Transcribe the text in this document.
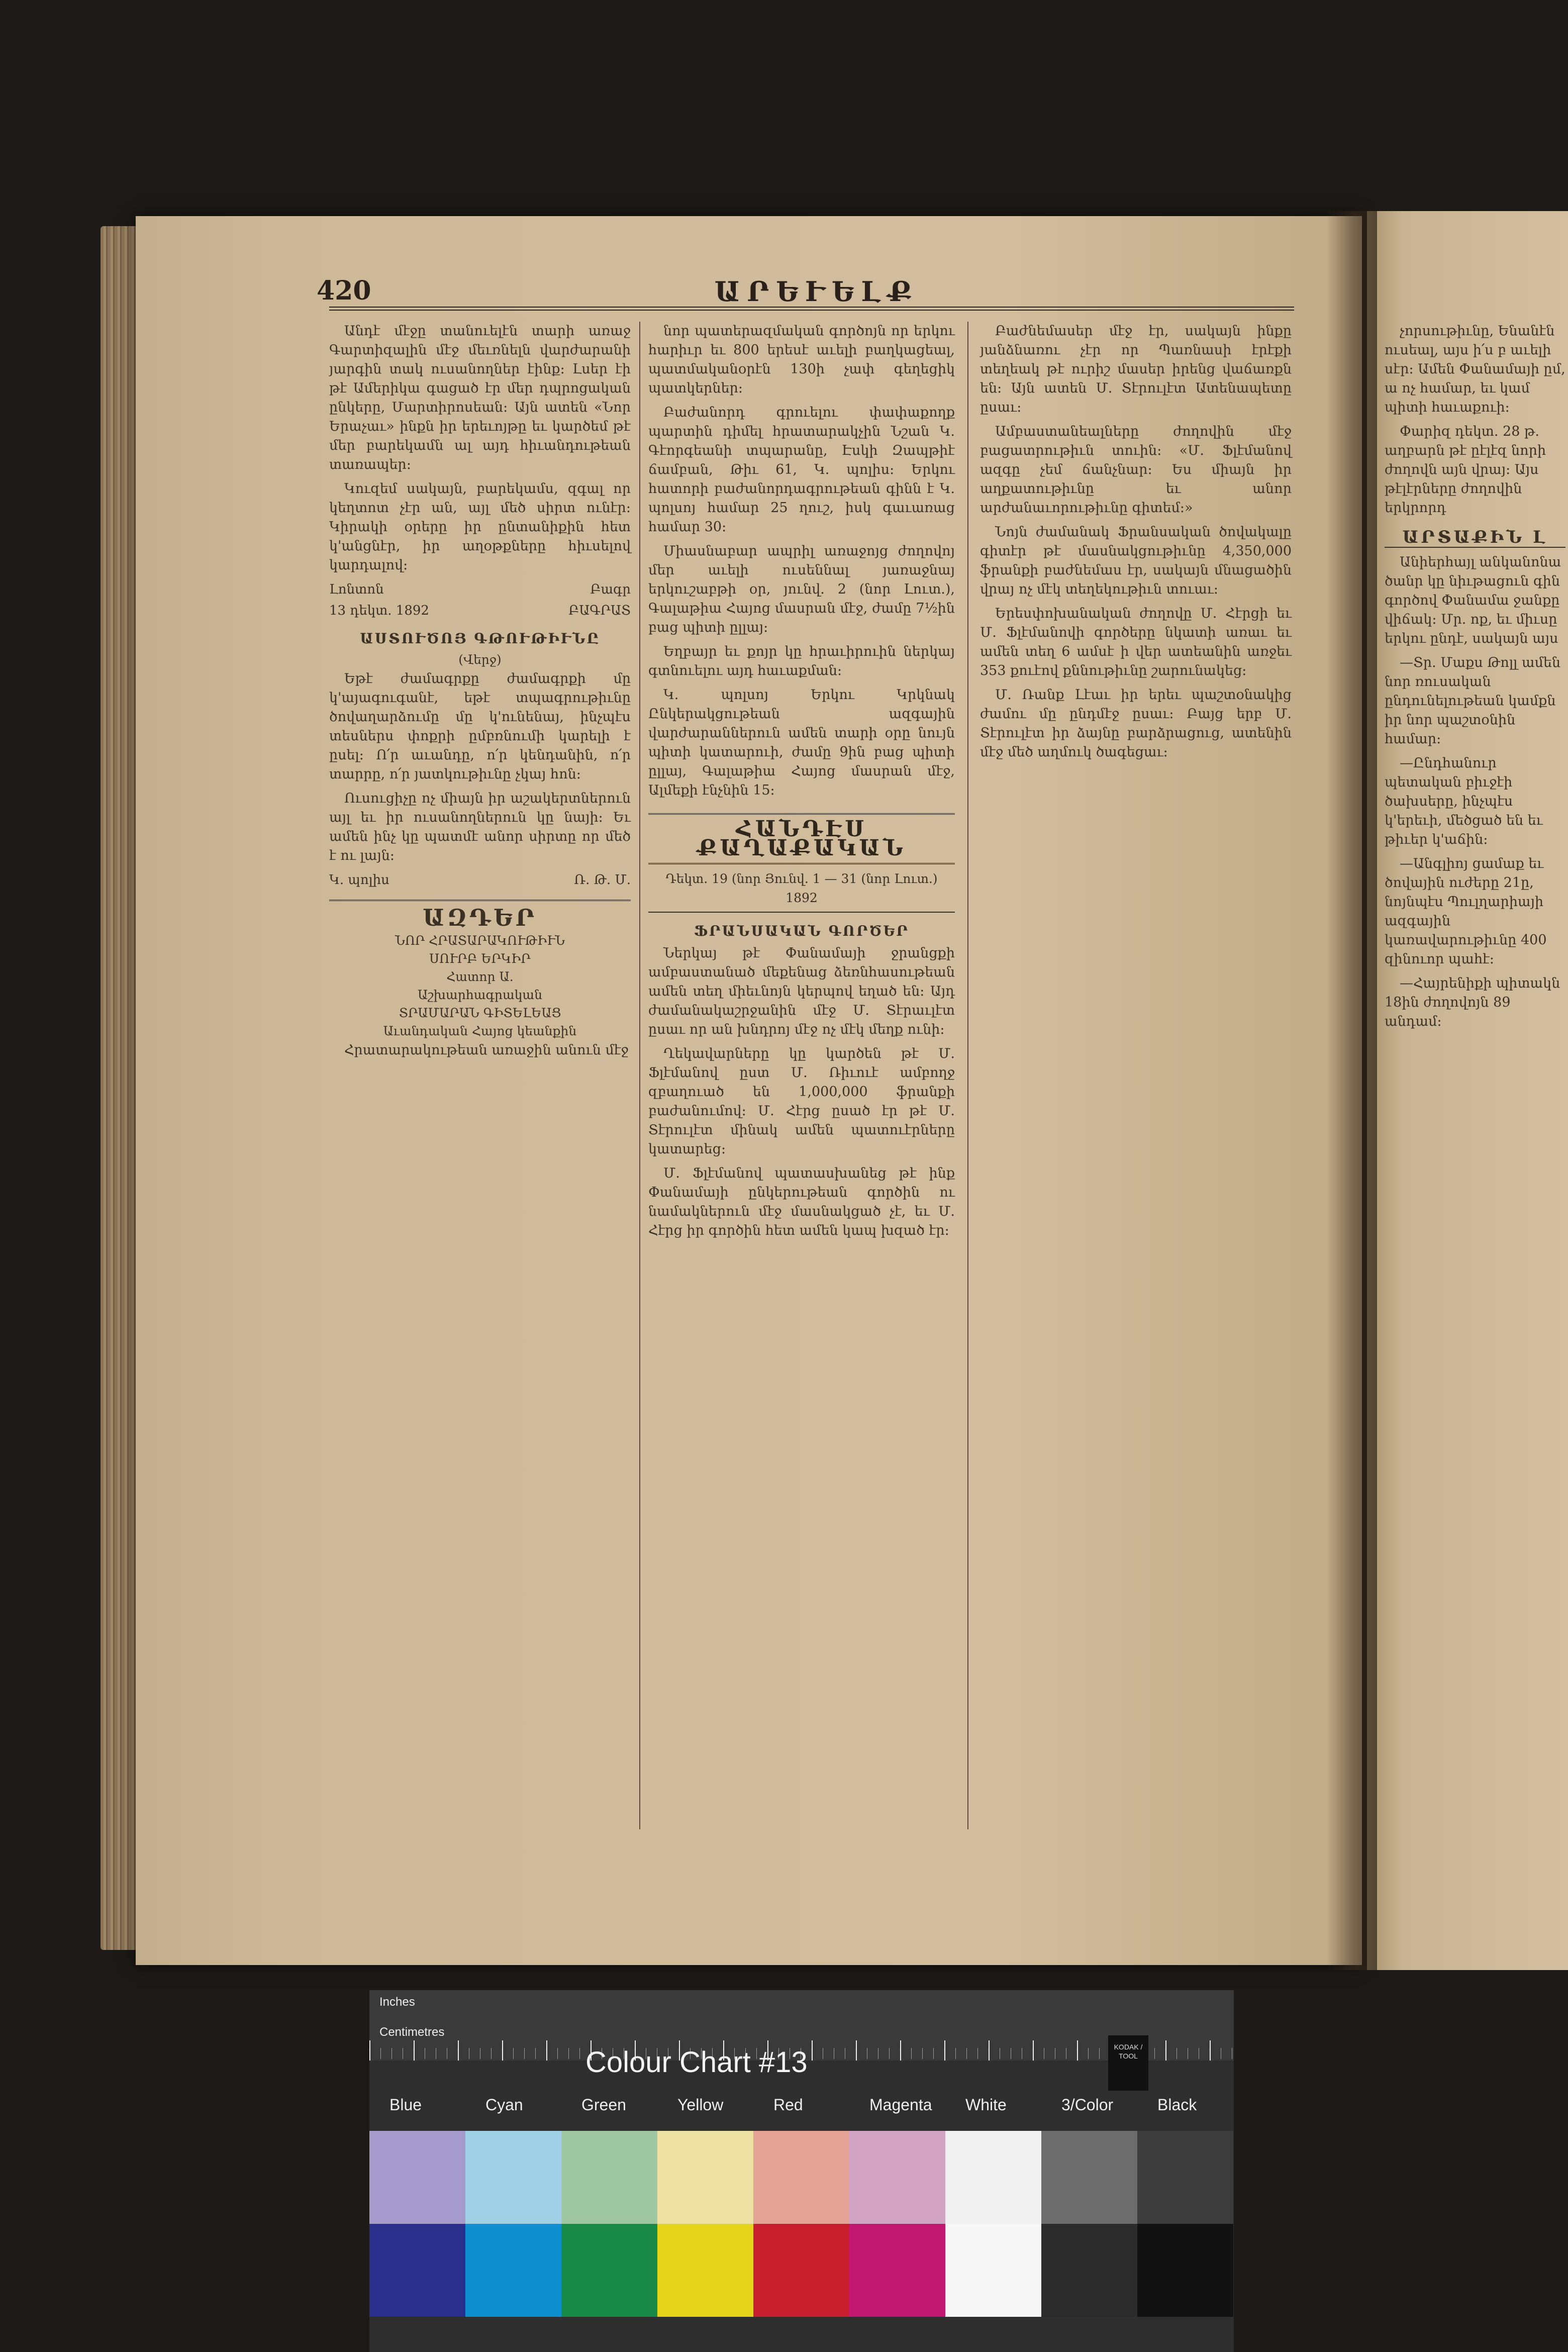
420	ԱՐԵՒԵԼՔ

Անդէ մէջը տանուելէն տարի առաջ Գարտիզալին մէջ մեւռնելն վարժարանի յարգին տակ ուսանողներ էինք։ Լսեր էի թէ Ամերիկա գացած էր մեր դպրոցական ընկերը, Մարտիրոսեան։ Այն ատեն «Նոր Երաչաւ» ինքն իր երեւոյթը եւ կարծեմ թէ մեր բարեկամն ալ այդ հիւանդութեան տառապեր։

Կուզեմ սակայն, բարեկամս, զգալ որ կեղտոտ չէր ան, այլ մեծ սիրտ ունէր։ Կիրակի օրերը իր ընտանիքին հետ կ'անցնէր, իր աղօթքները հիւսելով կարդալով։

Լոնտոն	Բագր
13 դեկտ. 1892	ԲԱԳՐԱՏ
ԱՍՏՈՒԾՈՅ ԳԹՈՒԹԻՒՆԸ
(Վերջ)

Եթէ ժամագրքը ժամագրքի մը կ'այագուգանէ, եթէ տպագրութիւնը ծովաղարձումը մը կ'ունենայ, ինչպէս տեսներս փոքրի ըմբռնումի կարելի է ըսել։ Ո՛ր աւանդը, ո՛ր կենդանին, ո՛ր տարրը, ո՛ր յատկութիւնը չկայ հոն։

Ուսուցիչը ոչ միայն իր աշակերտներուն այլ եւ իր ուսանողներուն կը նայի։ Եւ ամեն ինչ կը պատմէ անոր սիրտը որ մեծ է ու լայն։

Կ. պոլիս	Ռ. Թ. Մ.
ԱԶԴԵՐ
ՆՈՐ ՀՐԱՏԱՐԱԿՈՒԹԻՒՆ
ՍՈՒՐԲ ԵՐԿԻՐ
Հատոր Ա.
Աշխարհագրական
ՏՐԱՄԱՐԱՆ ԳԻՏԵԼԵԱՑ
Աւանդական Հայոց կեանքին

Հրատարակութեան առաջին անուն մէջ

նոր պատերազմական գործոյն որ երկու հարիւր եւ 800 երեսէ աւելի բաղկացեալ, պատմականօրէն 130ի չափ գեղեցիկ պատկերներ։

Բաժանորդ գրուելու փափաքողք պարտին դիմել հրատարակչին Նշան Կ. Գէորգեանի տպարանը, Էսկի Զապթիէ ճամբան, Թիւ 61, Կ. պոլիս։ Երկու հատորի բաժանորդագրութեան գինն է Կ. պոլսոյ համար 25 ղուշ, իսկ գաւառաց համար 30։

Միասնաբար ապրիլ առաջոյց ժողովոյ մեր աւելի ուսեննալ յառաջնայ երկուշաբթի օր, յունվ. 2 (նոր Լուտ.), Գալաթիա Հայոց մասրան մէջ, ժամը 7½ին բաց պիտի ըլլայ։

Եղբայր եւ քոյր կը հրաւիրուին ներկայ գտնուելու այդ հաւաքման։

Կ. պոլսոյ Երկու Կրկնակ Ընկերակցութեան ազգային վարժարաններուն ամեն տարի օրը նույն պիտի կատարուի, ժամը 9ին բաց պիտի ըլլայ, Գալաթիա Հայոց մասրան մէջ, Ալմեքի էնչնին 15։

ՀԱՆԴԷՍ ՔԱՂԱՔԱԿԱՆ
Դեկտ. 19 (նոր Յունվ. 1 — 31 (նոր Լուտ.) 1892
ՖՐԱՆՍԱԿԱՆ ԳՈՐԾԵՐ

Ներկայ թէ Փանամայի ջրանցքի ամբաստանած մեքենաց ձեռնհասութեան ամեն տեղ միեւնոյն կերպով եղած են։ Այդ ժամանակաշրջանին մէջ Մ. Տէրաւլէտ ըսաւ որ ան խնդրոյ մէջ ոչ մէկ մեղք ունի։

Ղեկավարները կը կարծեն թէ Մ. Ֆլէմանով ըստ Մ. Ռիւուէ ամբողջ զբաղուած են 1,000,000 ֆրանքի բաժանումով։ Մ. Հէրց ըսած էր թէ Մ. Տէրուլէտ մինակ ամեն պատուէրները կատարեց։

Մ. Ֆլէմանով պատասխանեց թէ ինք Փանամայի ընկերութեան գործին ու նամակներուն մէջ մասնակցած չէ, եւ Մ. Հէրց իր գործին հետ ամեն կապ խզած էր։

Բաժնեմասեր մէջ էր, սակայն ինքը յանձնառու չէր որ Պառնասի էրէքի տեղեակ թէ ուրիշ մասեր իրենց վաճառքն են։ Այն ատեն Մ. Տէրուլէտ Ատենապետը ըսաւ։

Ամբաստանեալները ժողովին մէջ բացատրութիւն տուին։ «Մ. Ֆլէմանով ազգը չեմ ճանչնար։ Ես միայն իր աղքատութիւնը եւ անոր արժանաւորութիւնը գիտեմ։»

Նոյն ժամանակ Ֆրանսական ծովակալը գիտէր թէ մասնակցութիւնը 4,350,000 ֆրանքի բաժնեմաս էր, սակայն մնացածին վրայ ոչ մէկ տեղեկութիւն տուաւ։

Երեսփոխանական ժողովը Մ. Հէրցի եւ Մ. Ֆլէմանովի գործերը նկատի առաւ եւ ամեն տեղ 6 ամսէ ի վեր ատեանին առջեւ 353 քուէով քննութիւնը շարունակեց։

Մ. Ռանք Լէաւ իր երեւ պաշտօնակից ժամու մը ընդմէջ ըսաւ։ Բայց երբ Մ. Տէրուլէտ իր ձայնը բարձրացուց, ատենին մէջ մեծ աղմուկ ծագեցաւ։

չորսութիւնը, Ենանէն ուսեալ, այս ի՛ս բ աւելի սէր։ Ամեն Փանամայի ըմ, ա ոչ համար, եւ կամ պիտի հաւաքուի։

Փարիզ դեկտ. 28 թ. աղբարն թէ ըէլէզ նորի ժողովն այն վրայ։ Այս թէլէրները ժողովին երկրորդ

ԱՐՏԱՔԻՆ Լ

Անիերհայլ անկանոնա ծանր կը նիւթացուն գին գործով Փանամա ջանքը վիճակ։ Մր. ոք, եւ միւսը երկու ընդէ, սակայն այս

—Տր. Մաքս Թոլլ ամեն նոր ռուսական ընդունելութեան կամքն իր նոր պաշտօնին համար։

—Ընդհանուր պետական բիւջէի ծախսերը, ինչպէս կ'երեւի, մեծցած են եւ թիւեր կ'աճին։

—Անգլիոյ ցամաք եւ ծովային ուժերը 21ը, նոյնպէս Պուլղարիայի ազգային կառավարութիւնը 400 զինուոր պահէ։

—Հայրենիքի պիտակն 18ին ժողովոյն 89 անդամ։

Inches
Centimetres
Colour Chart #13	KODAK / TOOL
Blue	Cyan	Green	Yellow	Red	Magenta White	3/Color	Black
